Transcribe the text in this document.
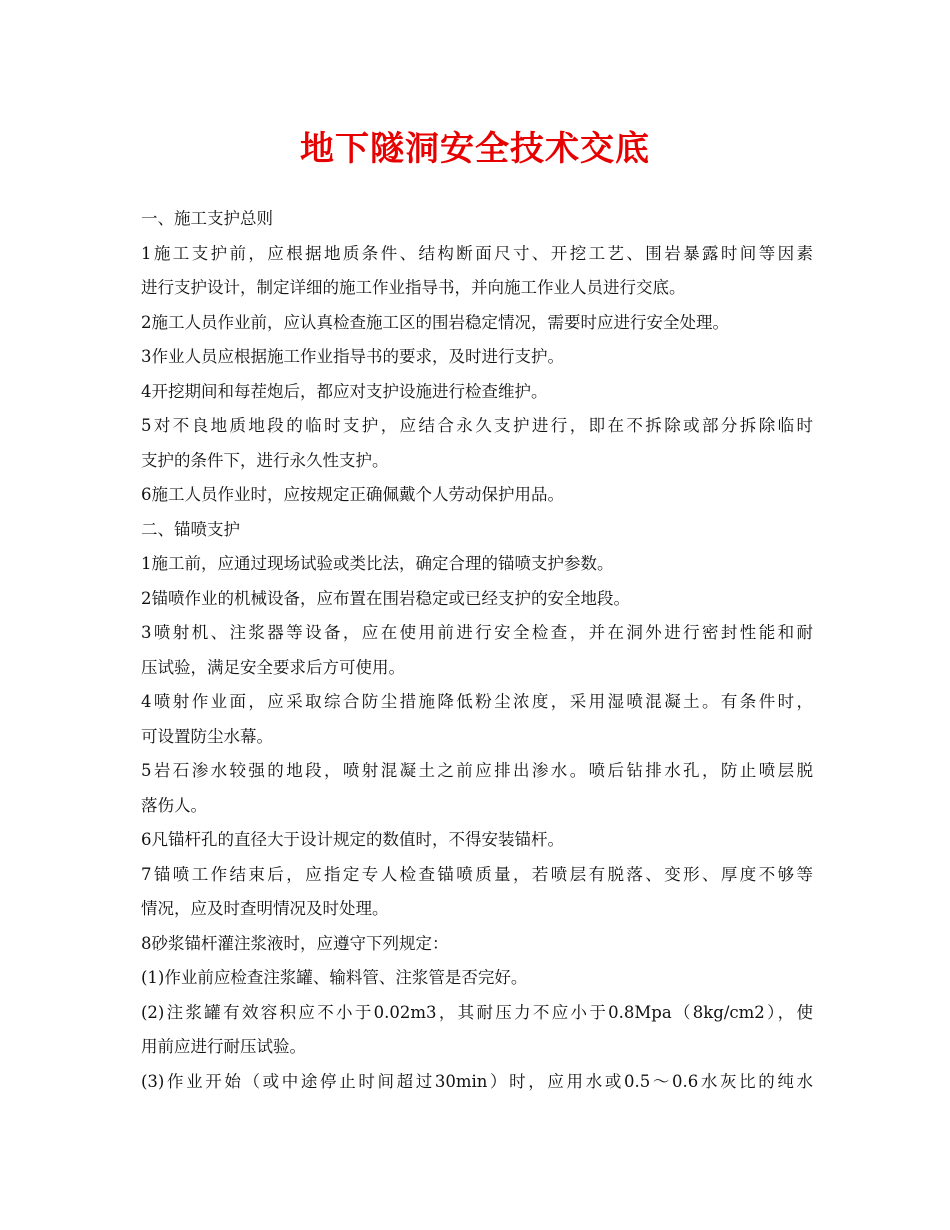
地下隧洞安全技术交底
一、施工支护总则
1施工支护前，应根据地质条件、结构断面尺寸、开挖工艺、围岩暴露时间等因素
进行支护设计，制定详细的施工作业指导书，并向施工作业人员进行交底。
2施工人员作业前，应认真检查施工区的围岩稳定情况，需要时应进行安全处理。
3作业人员应根据施工作业指导书的要求，及时进行支护。
4开挖期间和每茬炮后，都应对支护设施进行检查维护。
5对不良地质地段的临时支护，应结合永久支护进行，即在不拆除或部分拆除临时
支护的条件下，进行永久性支护。
6施工人员作业时，应按规定正确佩戴个人劳动保护用品。
二、锚喷支护
1施工前，应通过现场试验或类比法，确定合理的锚喷支护参数。
2锚喷作业的机械设备，应布置在围岩稳定或已经支护的安全地段。
3喷射机、注浆器等设备，应在使用前进行安全检查，并在洞外进行密封性能和耐
压试验，满足安全要求后方可使用。
4喷射作业面，应采取综合防尘措施降低粉尘浓度，采用湿喷混凝土。有条件时，
可设置防尘水幕。
5岩石渗水较强的地段，喷射混凝土之前应排出渗水。喷后钻排水孔，防止喷层脱
落伤人。
6凡锚杆孔的直径大于设计规定的数值时，不得安装锚杆。
7锚喷工作结束后，应指定专人检查锚喷质量，若喷层有脱落、变形、厚度不够等
情况，应及时查明情况及时处理。
8砂浆锚杆灌注浆液时，应遵守下列规定：
(1)作业前应检查注浆罐、输料管、注浆管是否完好。
(2)注浆罐有效容积应不小于0.02m3，其耐压力不应小于0.8Mpa（8kg/cm2），使
用前应进行耐压试验。
(3)作业开始（或中途停止时间超过30min）时，应用水或0.5～0.6水灰比的纯水
